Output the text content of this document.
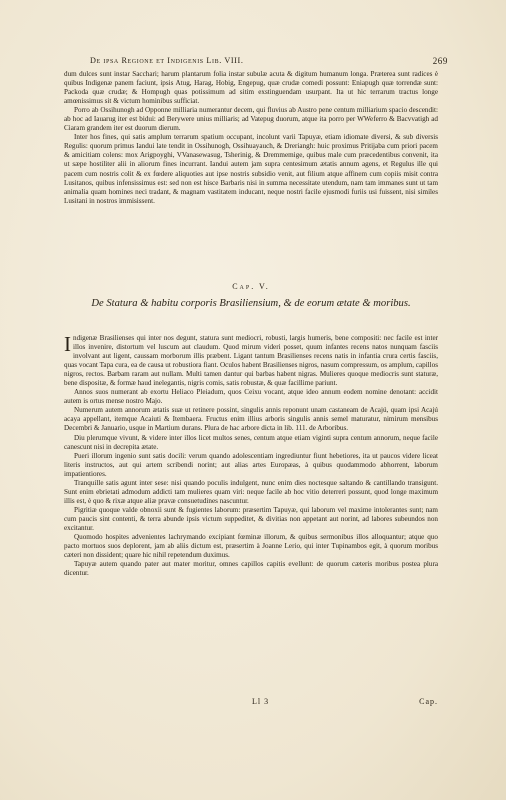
De ipsa Regione et Indigenis Lib. VIII.	269

dum dulces sunt instar Sacchari; harum plantarum folia instar subulæ acuta & digitum humanum longa. Præterea sunt radices è quibus Indigenæ panem faciunt, ipsis Atug, Harag, Hobig, Engepug, quæ crudæ comedi possunt: Eniapugh quæ torrendæ sunt: Packoda quæ crudæ; & Hompugh quas potissimum ad sitim exstinguendam usurpant. Ita ut hic terrarum tractus longe amœnissimus sit & victum hominibus sufficiat.

Porro ab Ossihunogh ad Opponne milliaria numerantur decem, qui fluvius ab Austro pene centum milliarium spacio descendit: ab hoc ad Iauarug iter est bidui: ad Berywere unius milliaris; ad Vatepug duorum, atque ita porro per WWeferro & Bacvvatigh ad Ciaram grandem iter est duorum dierum.

Inter hos fines, qui satis amplum terrarum spatium occupant, incolunt varii Tapuyæ, etiam idiomate diversi, & sub diversis Regulis: quorum primus Iandui late tendit in Ossihunogh, Ossihuayauch, & Dreriangh: huic proximus Pritijaba cum priori pacem & amicitiam colens: mox Arigpoyghi, VVanasewasug, Tsherinig, & Dremmemige, quibus male cum præcedentibus convenit, ita ut sæpe hostiliter alii in aliorum fines incurrant. Iandui autem jam supra centesimum ætatis annum agens, et Regulus ille qui pacem cum nostris colit & ex fœdere aliquoties aut ipse nostris subsidio venit, aut filium atque affinem cum copiis misit contra Lusitanos, quibus infensissimus est: sed non est hisce Barbaris nisi in summa necessitate utendum, nam tam immanes sunt ut tam animalia quam homines neci tradant, & magnam vastitatem inducant, neque nostri facile ejusmodi furiis usi fuissent, nisi similes Lusitani in nostros immisissent.

Cap. V.
De Statura & habitu corporis Brasiliensium, & de eorum ætate & moribus.

Indigenæ Brasilienses qui inter nos degunt, statura sunt mediocri, robusti, largis humeris, bene compositi: nec facile est inter illos invenire, distortum vel luscum aut claudum. Quod mirum videri posset, quum infantes recens natos nunquam fasciis involvant aut ligent, caussam morborum illis præbent. Ligant tantum Brasilienses recens natis in infantia crura certis fasciis, quas vocant Tapa cura, ea de causa ut robustiora fiant. Oculos habent Brasilienses nigros, nasum compressum, os amplum, capillos nigros, rectos. Barbam raram aut nullam. Multi tamen dantur qui barbas habent nigras. Mulieres quoque mediocris sunt staturæ, bene dispositæ, & formæ haud inelegantis, nigris comis, satis robustæ, & quæ facillime pariunt.

Annos suos numerant ab exortu Heliaco Pleiadum, quos Ceixu vocant, atque ideo annum eodem nomine denotant: accidit autem is ortus mense nostro Majo.

Numerum autem annorum ætatis suæ ut retinere possint, singulis annis reponunt unam castaneam de Acajú, quam ipsi Acajú acaya appellant, itemque Acaiuti & Itembaera. Fructus enim illius arboris singulis annis semel maturatur, nimirum mensibus Decembri & Januario, usque in Martium durans. Plura de hac arbore dicta in lib. 111. de Arboribus.

Diu plerumque vivunt, & videre inter illos licet multos senes, centum atque etiam viginti supra centum annorum, neque facile canescunt nisi in decrepita ætate.

Pueri illorum ingenio sunt satis docili: verum quando adolescentiam ingrediuntur fiunt hebetiores, ita ut paucos videre liceat literis instructos, aut qui artem scribendi norint; aut alias artes Europæas, à quibus quodammodo abhorrent, laborum impatientiores.

Tranquille satis agunt inter sese: nisi quando poculis indulgent, nunc enim dies noctesque saltando & cantillando transigunt. Sunt enim ebrietati admodum addicti tam mulieres quam viri: neque facile ab hoc vitio deterreri possunt, quod longe maximum illis est, è quo & rixæ atque aliæ pravæ consuetudines nascuntur.

Pigritiæ quoque valde obnoxii sunt & fugientes laborum: præsertim Tapuyæ, qui laborum vel maxime intolerantes sunt; nam cum paucis sint contenti, & terra abunde ipsis victum suppeditet, & divitias non appetant aut norint, ad labores subeundos non excitantur.

Quomodo hospites advenientes lachrymando excipiant fœminæ illorum, & quibus sermonibus illos alloquantur; atque quo pacto mortuos suos deplorent, jam ab aliis dictum est, præsertim à Joanne Lerio, qui inter Tupinambos egit, à quorum moribus cæteri non dissident; quare hic nihil repetendum duximus.

Tapuyæ autem quando pater aut mater moritur, omnes capillos capitis evellunt: de quorum cæteris moribus postea plura dicentur.

Ll 3	Cap.
